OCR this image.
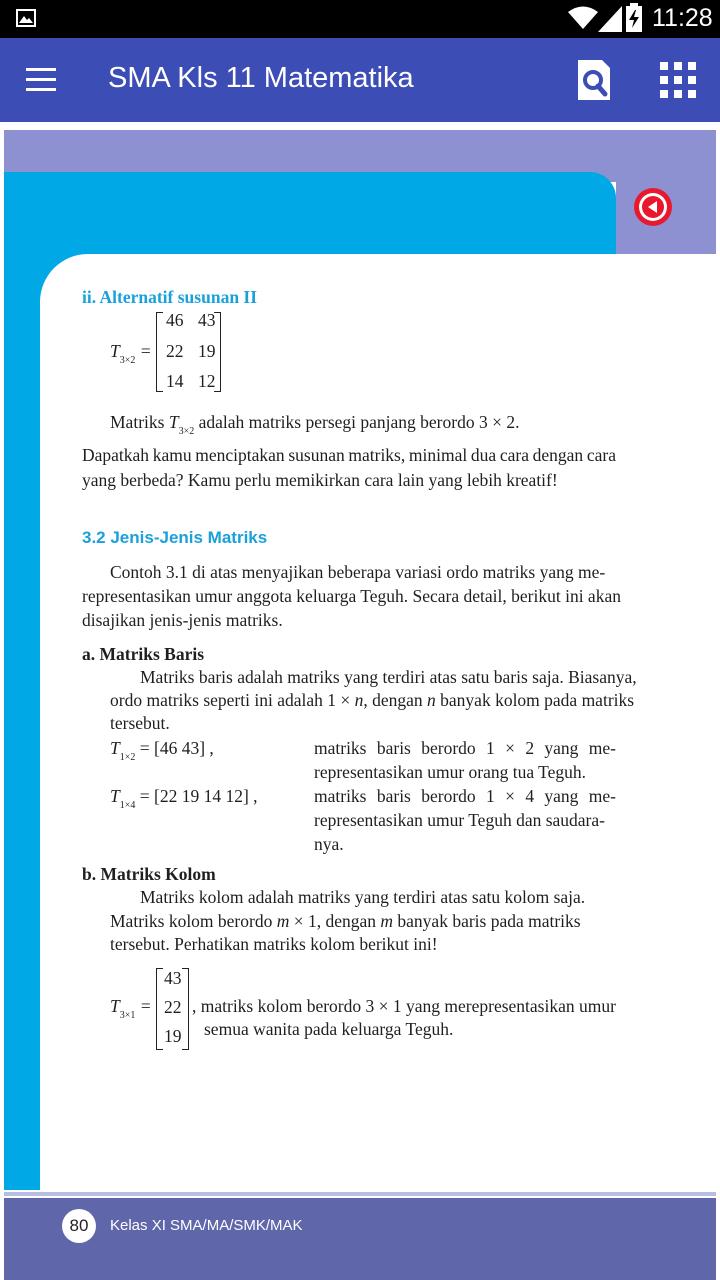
11:28
SMA Kls 11 Matematika
ii. Alternatif susunan II
$T_{3\times 2}$ =
46 43
22 19
14 12
Matriks $T_{3\times 2}$ adalah matriks persegi panjang berordo 3 × 2.
Dapatkah kamu menciptakan susunan matriks, minimal dua cara dengan cara
yang berbeda? Kamu perlu memikirkan cara lain yang lebih kreatif!
3.2 Jenis-Jenis Matriks
Contoh 3.1 di atas menyajikan beberapa variasi ordo matriks yang me-
representasikan umur anggota keluarga Teguh. Secara detail, berikut ini akan
disajikan jenis-jenis matriks.
a. Matriks Baris
Matriks baris adalah matriks yang terdiri atas satu baris saja. Biasanya,
ordo matriks seperti ini adalah 1 × n, dengan n banyak kolom pada matriks
tersebut.
$T_{1\times 2} = [46$ 43] ,	matriks baris berordo 1 × 2 yang me-
representasikan umur orang tua Teguh.
$T_{1\times 4} = [22$ 19 14 12] ,	matriks baris berordo 1 × 4 yang me-
representasikan umur Teguh dan saudara-
nya.
b. Matriks Kolom
Matriks kolom adalah matriks yang terdiri atas satu kolom saja.
Matriks kolom berordo m × 1, dengan m banyak baris pada matriks
tersebut. Perhatikan matriks kolom berikut ini!
$T_{3\times 1}$ =
43
22
19
, matriks kolom berordo 3 × 1 yang merepresentasikan umur
semua wanita pada keluarga Teguh.
80	Kelas XI SMA/MA/SMK/MAK
